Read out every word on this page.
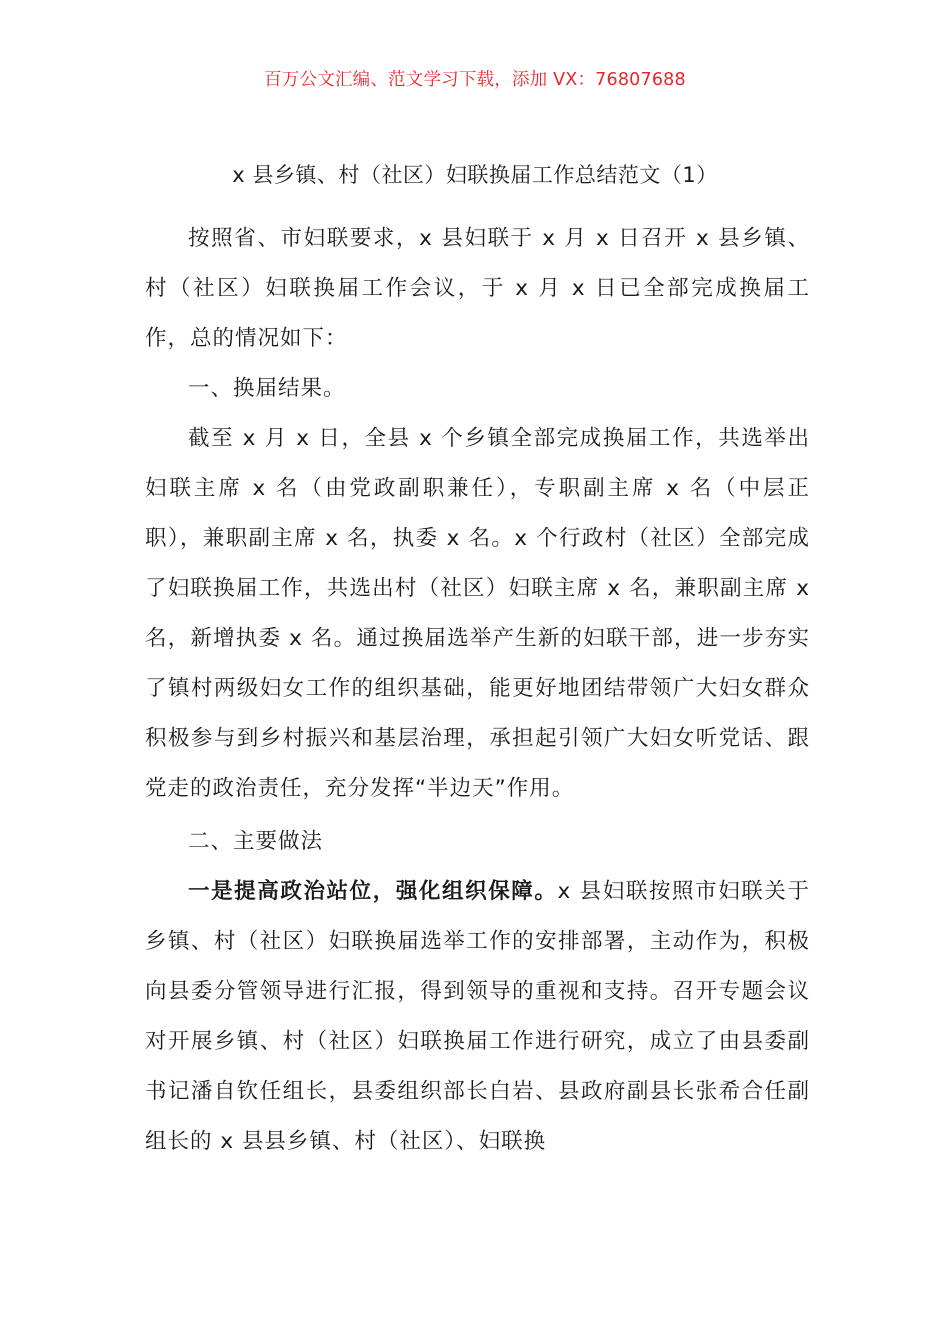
百万公文汇编、范文学习下载，添加 VX：76807688
x 县乡镇、村（社区）妇联换届工作总结范文（1）

按照省、市妇联要求，x 县妇联于 x 月 x 日召开 x 县乡镇、村（社区）妇联换届工作会议，于 x 月 x 日已全部完成换届工作，总的情况如下：

一、换届结果。

截至 x 月 x 日，全县 x 个乡镇全部完成换届工作，共选举出妇联主席 x 名（由党政副职兼任），专职副主席 x 名（中层正职），兼职副主席 x 名，执委 x 名。x 个行政村（社区）全部完成了妇联换届工作，共选出村（社区）妇联主席 x 名，兼职副主席 x 名，新增执委 x 名。通过换届选举产生新的妇联干部，进一步夯实了镇村两级妇女工作的组织基础，能更好地团结带领广大妇女群众积极参与到乡村振兴和基层治理，承担起引领广大妇女听党话、跟党走的政治责任，充分发挥“半边天”作用。

二、主要做法

一是提高政治站位，强化组织保障。x 县妇联按照市妇联关于乡镇、村（社区）妇联换届选举工作的安排部署，主动作为，积极向县委分管领导进行汇报，得到领导的重视和支持。召开专题会议对开展乡镇、村（社区）妇联换届工作进行研究，成立了由县委副书记潘自钦任组长，县委组织部长白岩、县政府副县长张希合任副组长的 x 县县乡镇、村（社区）、妇联换
